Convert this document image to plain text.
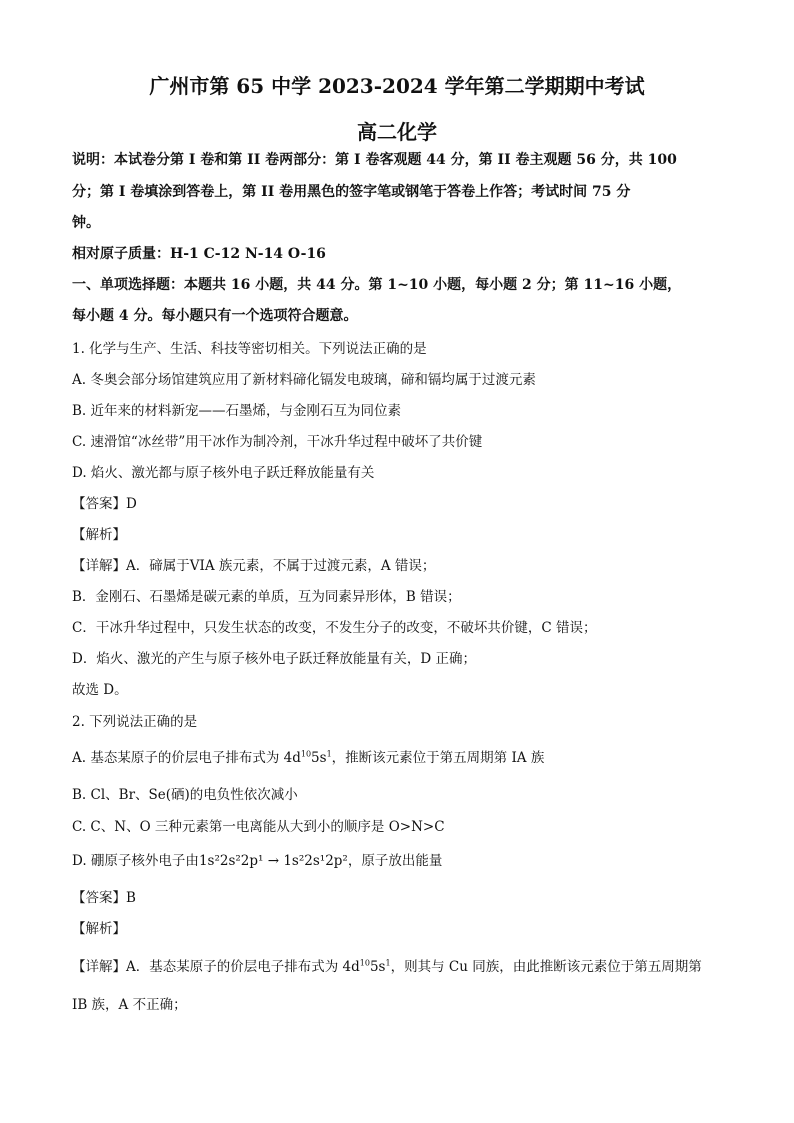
广州市第 65 中学 2023-2024 学年第二学期期中考试
高二化学
说明：本试卷分第 I 卷和第 II 卷两部分：第 I 卷客观题 44 分，第 II 卷主观题 56 分，共 100
分；第 I 卷填涂到答卷上，第 II 卷用黑色的签字笔或钢笔于答卷上作答；考试时间 75 分
钟。
相对原子质量：H-1 C-12 N-14 O-16
一、单项选择题：本题共 16 小题，共 44 分。第 1~10 小题，每小题 2 分；第 11~16 小题，
每小题 4 分。每小题只有一个选项符合题意。
1. 化学与生产、生活、科技等密切相关。下列说法正确的是
A. 冬奥会部分场馆建筑应用了新材料碲化镉发电玻璃，碲和镉均属于过渡元素
B. 近年来的材料新宠——石墨烯，与金刚石互为同位素
C. 速滑馆“冰丝带”用干冰作为制冷剂，干冰升华过程中破坏了共价键
D. 焰火、激光都与原子核外电子跃迁释放能量有关
【答案】D
【解析】
【详解】A．碲属于VIA 族元素，不属于过渡元素，A 错误；
B．金刚石、石墨烯是碳元素的单质，互为同素异形体，B 错误；
C．干冰升华过程中，只发生状态的改变，不发生分子的改变，不破坏共价键，C 错误；
D．焰火、激光的产生与原子核外电子跃迁释放能量有关，D 正确；
故选 D。
2. 下列说法正确的是
A. 基态某原子的价层电子排布式为 $4d^{10}5s^1$，推断该元素位于第五周期第 IA 族
B. Cl、Br、Se(硒)的电负性依次减小
C. C、N、O 三种元素第一电离能从大到小的顺序是 O>N>C
D. 硼原子核外电子由1s²2s²2p¹ → 1s²2s¹2p²，原子放出能量
【答案】B
【解析】
【详解】A．基态某原子的价层电子排布式为 $4d^{10}5s^1$，则其与 Cu 同族，由此推断该元素位于第五周期第
IB 族，A 不正确；
